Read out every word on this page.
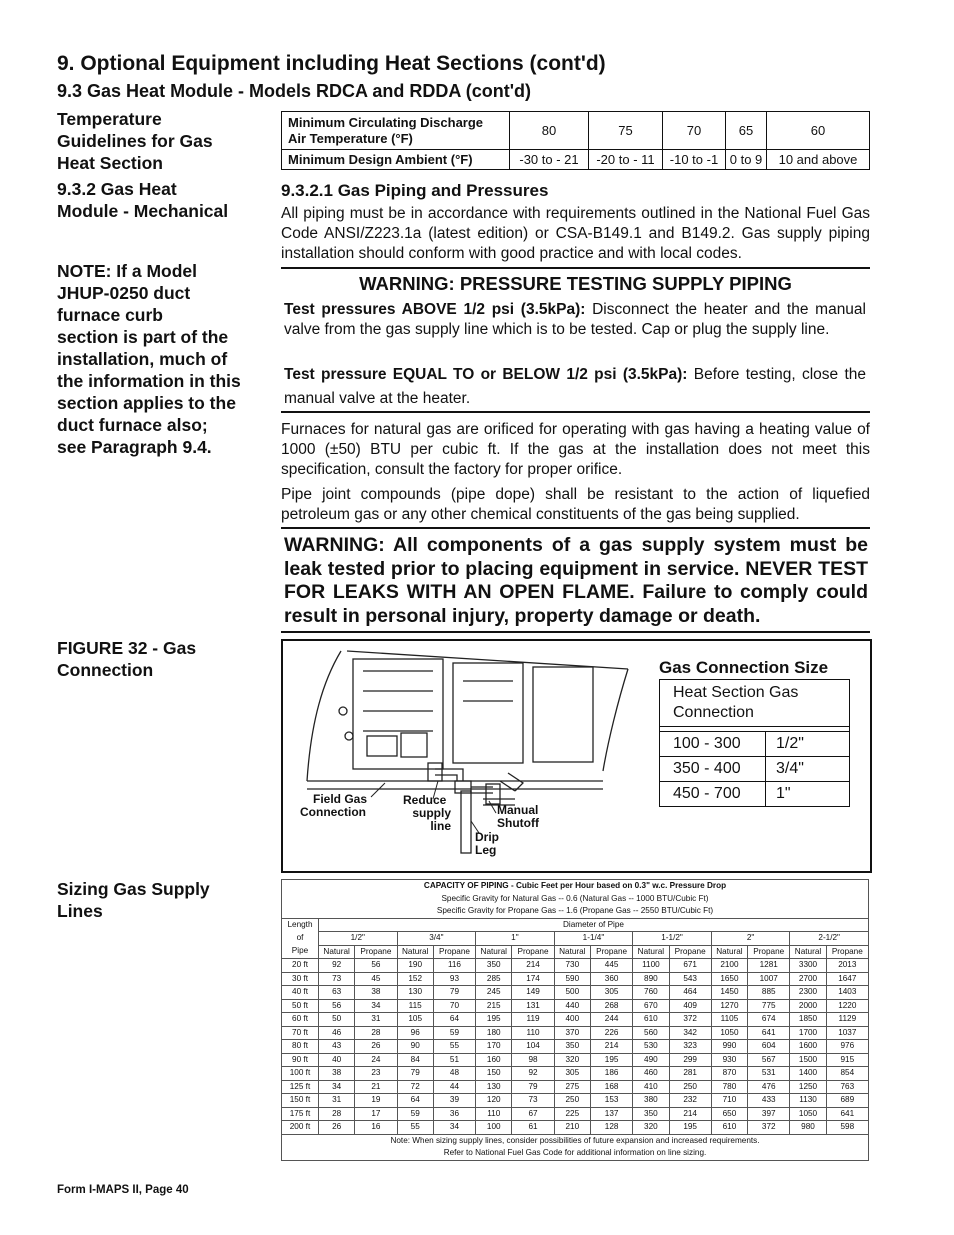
9. Optional Equipment including Heat Sections (cont'd)
9.3 Gas Heat Module - Models RDCA and RDDA (cont'd)
Temperature
Guidelines for Gas
Heat Section
9.3.2 Gas Heat
Module - Mechanical
NOTE: If a Model
JHUP-0250 duct
furnace curb
section is part of the
installation, much of
the information in this
section applies to the
duct furnace also;
see Paragraph 9.4.
FIGURE 32 - Gas
Connection
Sizing Gas Supply
Lines
Minimum Circulating Discharge
Air Temperature (°F)	80	75	70	65	60
Minimum Design Ambient (°F)	-30 to - 21	-20 to - 11	-10 to -1	0 to 9	10 and above
9.3.2.1 Gas Piping and Pressures
All piping must be in accordance with requirements outlined in the National Fuel Gas Code ANSI/Z223.1a (latest edition) or CSA-B149.1 and B149.2. Gas supply piping installation should conform with good practice and with local codes.
WARNING: PRESSURE TESTING SUPPLY PIPING
Test pressures ABOVE 1/2 psi (3.5kPa): Disconnect the heater and the manual valve from the gas supply line which is to be tested. Cap or plug the supply line.
Test pressure EQUAL TO or BELOW 1/2 psi (3.5kPa): Before testing, close the manual valve at the heater.
Furnaces for natural gas are orificed for operating with gas having a heating value of 1000 (±50) BTU per cubic ft. If the gas at the installation does not meet this specification, consult the factory for proper orifice.
Pipe joint compounds (pipe dope) shall be resistant to the action of liquefied petroleum gas or any other chemical constituents of the gas being supplied.
WARNING: All components of a gas supply system must be leak tested prior to placing equipment in service. NEVER TEST FOR LEAKS WITH AN OPEN FLAME. Failure to comply could result in personal injury, property damage or death.
Field Gas
Connection
Reduce
supply
line
Manual
Shutoff
Drip
Leg
Gas Connection Size
Heat Section Gas
Connection	

100 - 300	1/2"
350 - 400	3/4"
450 - 700	1"
CAPACITY OF PIPING - Cubic Feet per Hour based on 0.3" w.c. Pressure Drop														
Specific Gravity for Natural Gas -- 0.6 (Natural Gas -- 1000 BTU/Cubic Ft)														
Specific Gravity for Propane Gas -- 1.6 (Propane Gas -- 2550 BTU/Cubic Ft)														
Length	Diameter of Pipe													
of	1/2"		3/4"		1"		1-1/4"		1-1/2"		2"		2-1/2"	
Pipe	Natural	Propane	Natural	Propane	Natural	Propane	Natural	Propane	Natural	Propane	Natural	Propane	Natural	Propane
20 ft	92	56	190	116	350	214	730	445	1100	671	2100	1281	3300	2013
30 ft	73	45	152	93	285	174	590	360	890	543	1650	1007	2700	1647
40 ft	63	38	130	79	245	149	500	305	760	464	1450	885	2300	1403
50 ft	56	34	115	70	215	131	440	268	670	409	1270	775	2000	1220
60 ft	50	31	105	64	195	119	400	244	610	372	1105	674	1850	1129
70 ft	46	28	96	59	180	110	370	226	560	342	1050	641	1700	1037
80 ft	43	26	90	55	170	104	350	214	530	323	990	604	1600	976
90 ft	40	24	84	51	160	98	320	195	490	299	930	567	1500	915
100 ft	38	23	79	48	150	92	305	186	460	281	870	531	1400	854
125 ft	34	21	72	44	130	79	275	168	410	250	780	476	1250	763
150 ft	31	19	64	39	120	73	250	153	380	232	710	433	1130	689
175 ft	28	17	59	36	110	67	225	137	350	214	650	397	1050	641
200 ft	26	16	55	34	100	61	210	128	320	195	610	372	980	598
Note: When sizing supply lines, consider possibilities of future expansion and increased requirements.														
Refer to National Fuel Gas Code for additional information on line sizing.														
Form I-MAPS II, Page 40
